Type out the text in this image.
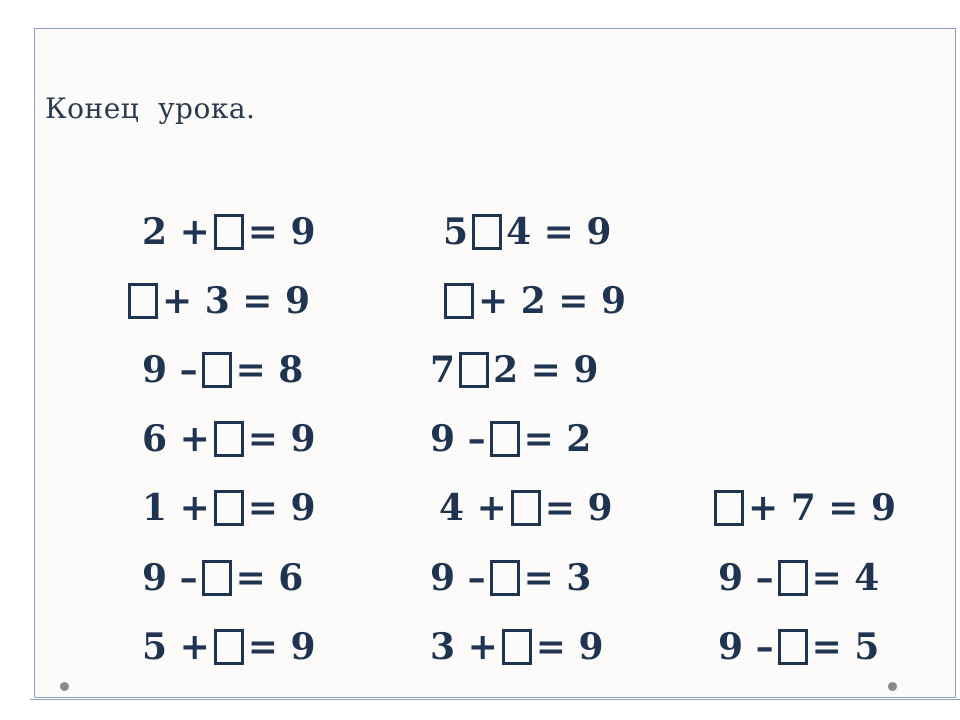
Конец  урока.
2 + = 9	5 4 = 9
+ 3 = 9	+ 2 = 9
9 – = 8	7 2 = 9
6 + = 9	9 – = 2
1 + = 9	4 + = 9	+ 7 = 9
9 – = 6	9 – = 3	9 – = 4
5 + = 9	3 + = 9	9 – = 5
